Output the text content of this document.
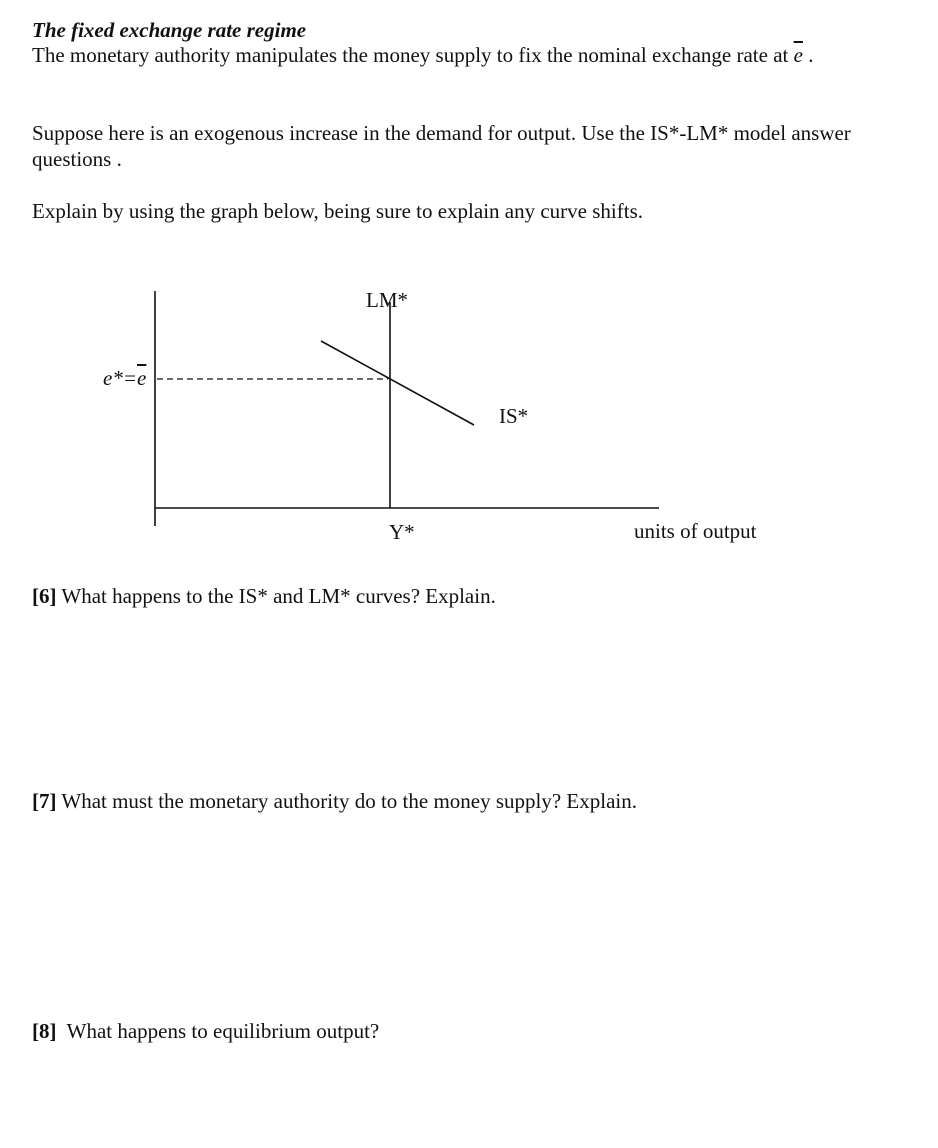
The fixed exchange rate regime
The monetary authority manipulates the money supply to fix the nominal exchange rate at $\overline{e}$ .
Suppose here is an exogenous increase in the demand for output. Use the IS*-LM* model answer questions .
Explain by using the graph below, being sure to explain any curve shifts.
LM*
IS*
Y*	units of output
$e*=\overline{e}$
[6] What happens to the IS* and LM* curves? Explain.
[7] What must the monetary authority do to the money supply? Explain.
[8]  What happens to equilibrium output?
